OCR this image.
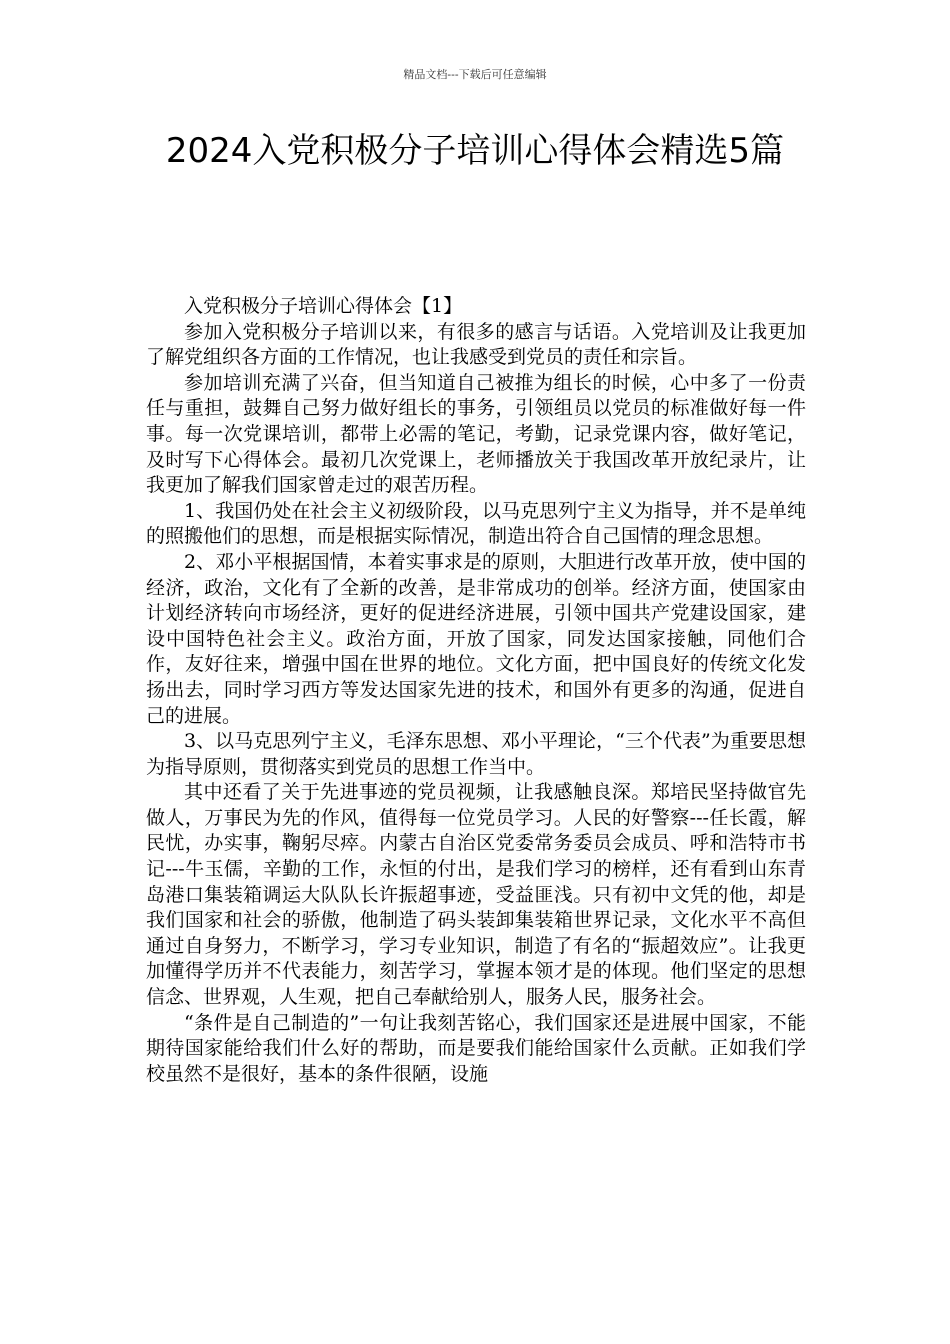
精品文档---下载后可任意编辑
2024入党积极分子培训心得体会精选5篇

入党积极分子培训心得体会【1】

参加入党积极分子培训以来，有很多的感言与话语。入党培训及让我更加了解党组织各方面的工作情况，也让我感受到党员的责任和宗旨。

参加培训充满了兴奋，但当知道自己被推为组长的时候，心中多了一份责任与重担，鼓舞自己努力做好组长的事务，引领组员以党员的标准做好每一件事。每一次党课培训，都带上必需的笔记，考勤，记录党课内容，做好笔记，及时写下心得体会。最初几次党课上，老师播放关于我国改革开放纪录片，让我更加了解我们国家曾走过的艰苦历程。

1、我国仍处在社会主义初级阶段，以马克思列宁主义为指导，并不是单纯的照搬他们的思想，而是根据实际情况，制造出符合自己国情的理念思想。

2、邓小平根据国情，本着实事求是的原则，大胆进行改革开放，使中国的经济，政治，文化有了全新的改善，是非常成功的创举。经济方面，使国家由计划经济转向市场经济，更好的促进经济进展，引领中国共产党建设国家，建设中国特色社会主义。政治方面，开放了国家，同发达国家接触，同他们合作，友好往来，增强中国在世界的地位。文化方面，把中国良好的传统文化发扬出去，同时学习西方等发达国家先进的技术，和国外有更多的沟通，促进自己的进展。

3、以马克思列宁主义，毛泽东思想、邓小平理论，“三个代表”为重要思想为指导原则，贯彻落实到党员的思想工作当中。

其中还看了关于先进事迹的党员视频，让我感触良深。郑培民坚持做官先做人，万事民为先的作风，值得每一位党员学习。人民的好警察---任长霞，解民忧，办实事，鞠躬尽瘁。内蒙古自治区党委常务委员会成员、呼和浩特市书记---牛玉儒，辛勤的工作，永恒的付出，是我们学习的榜样，还有看到山东青岛港口集装箱调运大队队长许振超事迹，受益匪浅。只有初中文凭的他，却是我们国家和社会的骄傲，他制造了码头装卸集装箱世界记录，文化水平不高但通过自身努力，不断学习，学习专业知识，制造了有名的“振超效应”。让我更加懂得学历并不代表能力，刻苦学习，掌握本领才是的体现。他们坚定的思想信念、世界观，人生观，把自己奉献给别人，服务人民，服务社会。

“条件是自己制造的”一句让我刻苦铭心，我们国家还是进展中国家，不能期待国家能给我们什么好的帮助，而是要我们能给国家什么贡献。正如我们学校虽然不是很好，基本的条件很陋，设施
